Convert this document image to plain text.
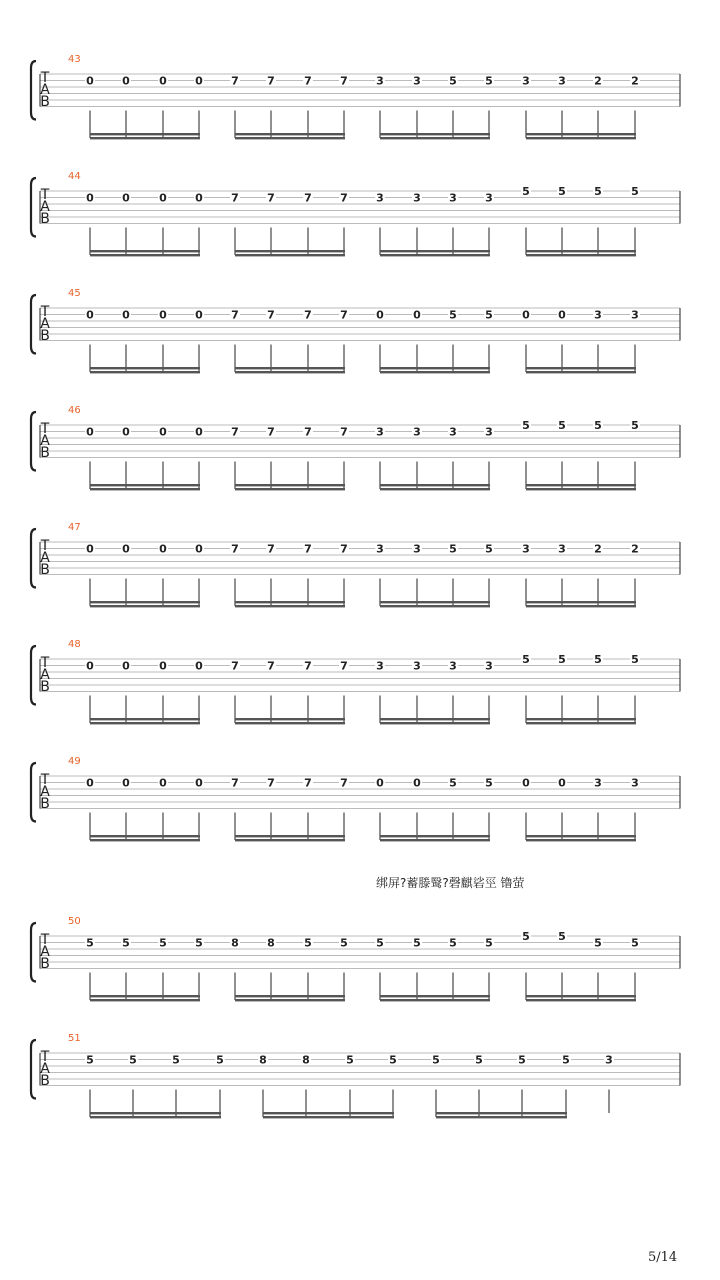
T
A
B
43
0	0	0	0	7	7	7	7	3	3	5	5	3	3	2	2
T
A
B
44
0	0	0	0	7	7	7	7	3	3	3	3	5	5	5	5
T
A
B
45
0	0	0	0	7	7	7	7	0	0	5	5	0	0	3	3
T
A
B
46
0	0	0	0	7	7	7	7	3	3	3	3	5	5	5	5
T
A
B
47
0	0	0	0	7	7	7	7	3	3	5	5	3	3	2	2
T
A
B
48
0	0	0	0	7	7	7	7	3	3	3	3	5	5	5	5
T
A
B
49
0	0	0	0	7	7	7	7	0	0	5	5	0	0	3	3
T
A
B
50
5	5	5	5	8	8	5	5	5	5	5	5	5	5	5	5
T
A
B
51
5	5	5	5	8	8	5	5	5	5	5	5	3
绑屏?蓄滕鹥?磬麒硰巠 镥萤
5/14
